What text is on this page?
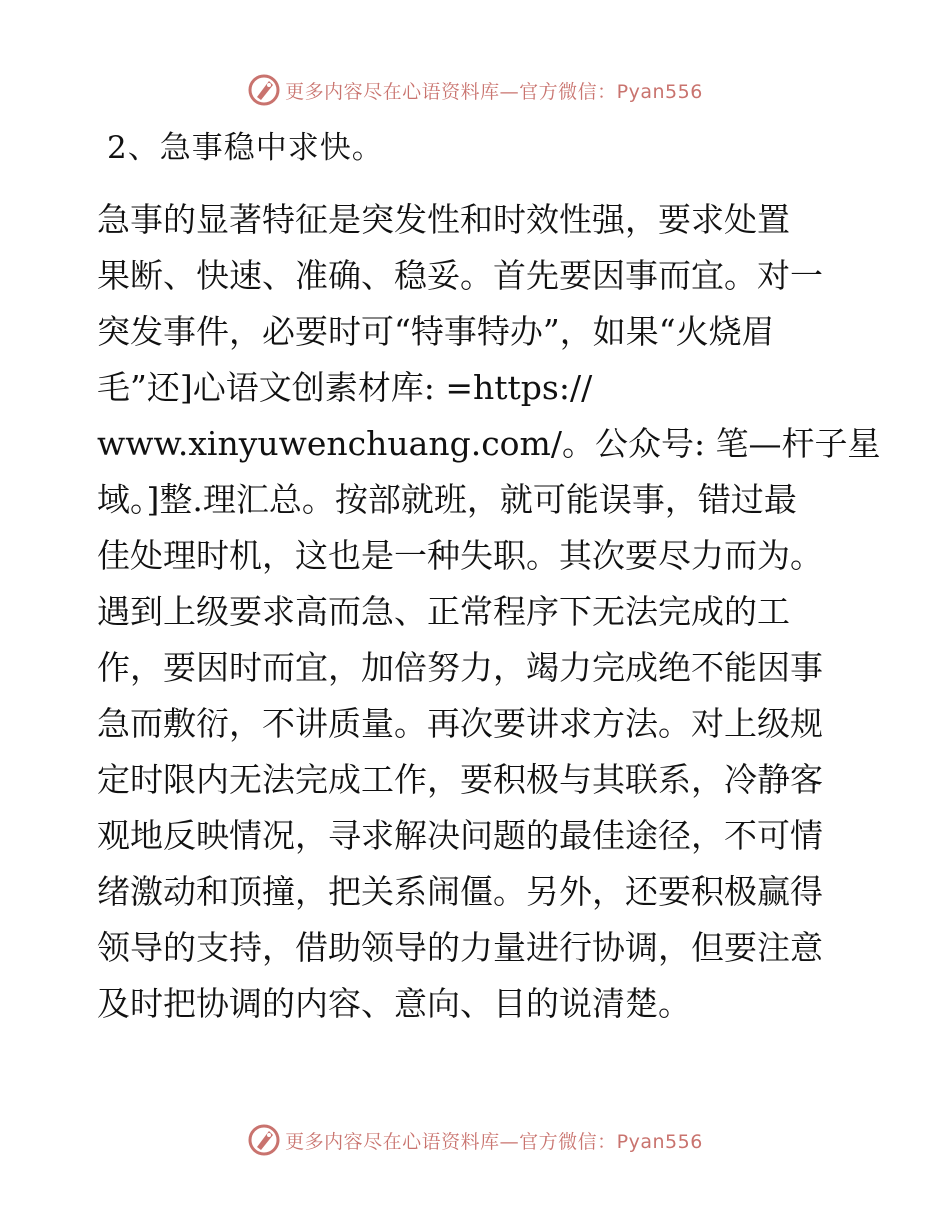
更多内容尽在心语资料库—官方微信：Pyan556
2、急事稳中求快。
急事的显著特征是突发性和时效性强，要求处置
果断、快速、准确、稳妥。首先要因事而宜。对一
突发事件，必要时可“特事特办”，如果“火烧眉
毛”还]心语文创素材库: =https://
www.xinyuwenchuang.com/。公众号: 笔—杆子星
域。]整.理汇总。按部就班，就可能误事，错过最
佳处理时机，这也是一种失职。其次要尽力而为。
遇到上级要求高而急、正常程序下无法完成的工
作，要因时而宜，加倍努力，竭力完成绝不能因事
急而敷衍，不讲质量。再次要讲求方法。对上级规
定时限内无法完成工作，要积极与其联系，冷静客
观地反映情况，寻求解决问题的最佳途径，不可情
绪激动和顶撞，把关系闹僵。另外，还要积极赢得
领导的支持，借助领导的力量进行协调，但要注意
及时把协调的内容、意向、目的说清楚。
更多内容尽在心语资料库—官方微信：Pyan556
